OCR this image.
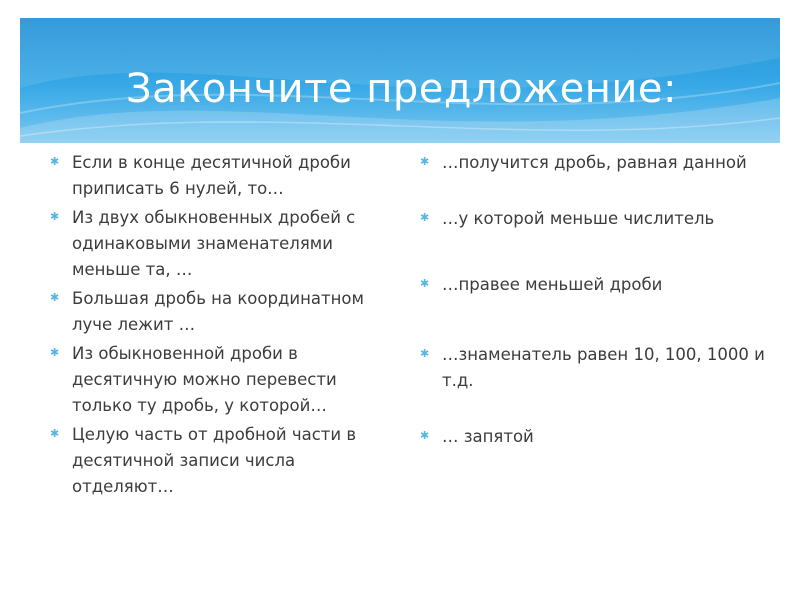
Закончите предложение:
✱ Если в конце десятичной дроби приписать 6 нулей, то…
✱ Из двух обыкновенных дробей с одинаковыми знаменателями меньше та, …
✱ Большая дробь на координатном луче лежит …
✱ Из обыкновенной дроби в десятичную можно перевести только ту дробь, у которой…
✱ Целую часть от дробной части в десятичной записи числа отделяют…
✱ …получится дробь, равная данной
✱ …у которой меньше числитель
✱ …правее меньшей дроби
✱ …знаменатель равен 10, 100, 1000 и т.д.
✱ … запятой
